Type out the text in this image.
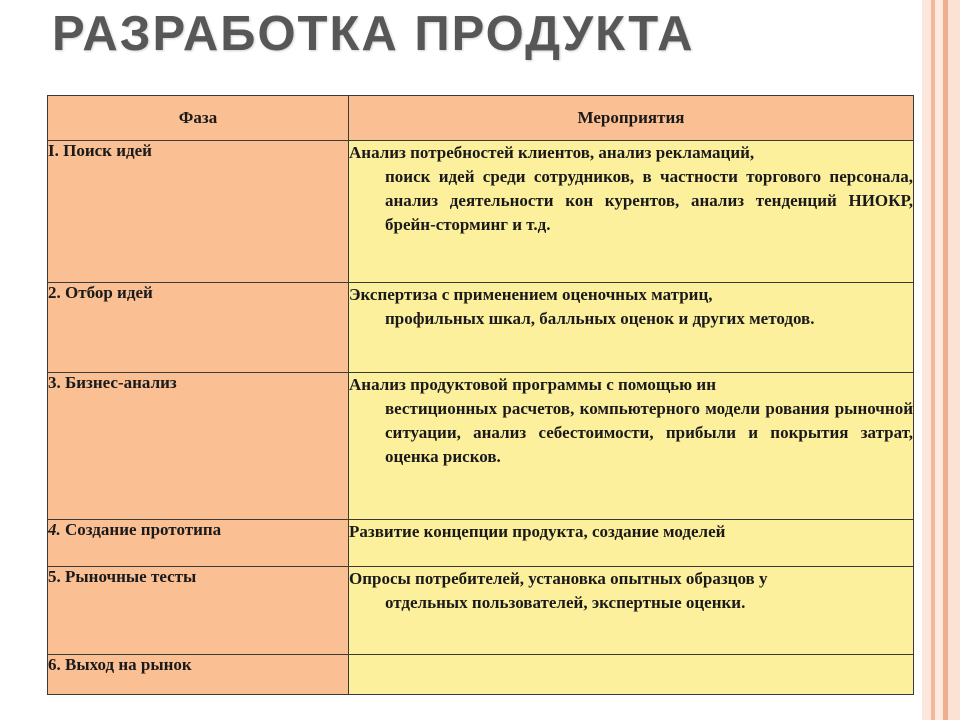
РАЗРАБОТКА ПРОДУКТА
Фаза	Мероприятия
I. Поиск идей	Анализ потребностей клиентов, анализ рекламаций,
поиск идей среди сотрудников, в частности торгового персонала, анализ деятельности кон курентов, анализ тенденций НИОКР, брейн-сторминг и т.д.

2. Отбор идей	Экспертиза с применением оценочных матриц,
профильных шкал, балльных оценок и других методов.

3. Бизнес-анализ	Анализ продуктовой программы с помощью ин
вестиционных расчетов, компьютерного модели рования рыночной ситуации, анализ себестоимости, прибыли и покрытия затрат, оценка рисков.

4. Создание прототипа	Развитие концепции продукта, создание моделей

5. Рыночные тесты	Опросы потребителей, установка опытных образцов у
отдельных пользователей, экспертные оценки.

6. Выход на рынок	
